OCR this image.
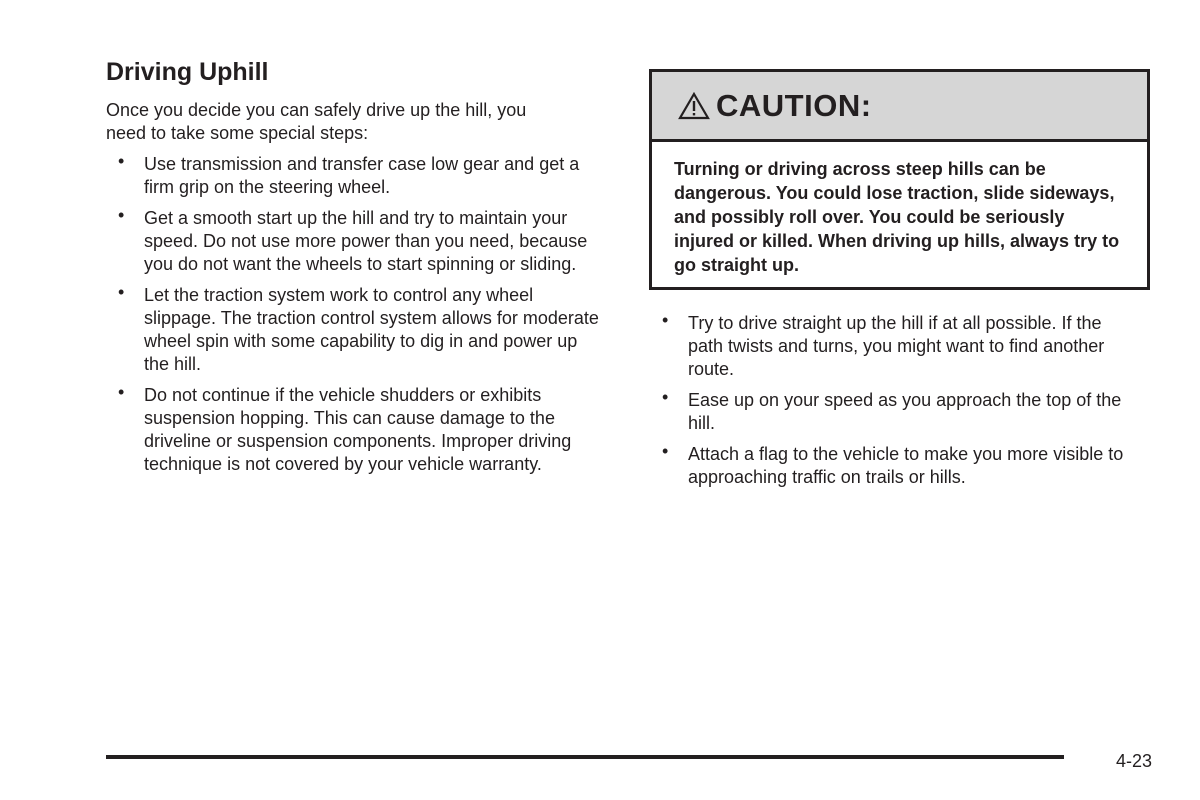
Driving Uphill

Once you decide you can safely drive up the hill, you need to take some special steps:

• Use transmission and transfer case low gear and get a firm grip on the steering wheel.
• Get a smooth start up the hill and try to maintain your speed. Do not use more power than you need, because you do not want the wheels to start spinning or sliding.
• Let the traction system work to control any wheel slippage. The traction control system allows for moderate wheel spin with some capability to dig in and power up the hill.
• Do not continue if the vehicle shudders or exhibits suspension hopping. This can cause damage to the driveline or suspension components. Improper driving technique is not covered by your vehicle warranty.
CAUTION:

Turning or driving across steep hills can be dangerous. You could lose traction, slide sideways, and possibly roll over. You could be seriously injured or killed. When driving up hills, always try to go straight up.

• Try to drive straight up the hill if at all possible. If the path twists and turns, you might want to find another route.
• Ease up on your speed as you approach the top of the hill.
• Attach a flag to the vehicle to make you more visible to approaching traffic on trails or hills.
4-23
